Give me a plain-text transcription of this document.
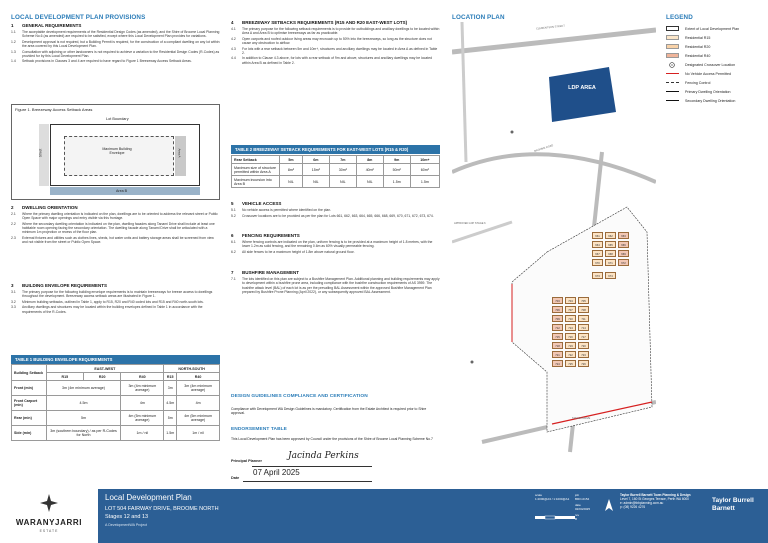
LOCAL DEVELOPMENT PLAN PROVISIONS
1	GENERAL REQUIREMENTS
1.1	The acceptable development requirements of the Residential Design Codes (as amended), and the Shire of Broome Local Planning Scheme No.6 (as amended) are required to be satisfied, except where this Local Development Plan provides for variations.
1.2	Development approval is not required, but a Building Permit is required, for the construction of a compliant dwelling on any lot within the area covered by this Local Development Plan.
1.3	Consultation with adjoining or other landowners is not required to achieve a variation to the Residential Design Codes (R-Codes) as provided for by this Local Development Plan.
1.4	Setback provisions in Clauses 3 and 4 are required to have regard to Figure 1 Breezeway Access Setback Areas.
Figure 1. Breezeway Access Setback Areas
Lot Boundary
Street	Maximum Building Envelope	Area A
Area B
2	DWELLING ORIENTATION
2.1	Where the primary dwelling orientation is indicated on the plan, dwellings are to be oriented to address the relevant street or Public Open Space with major openings and entry visible via this frontage.
2.2	Where the secondary dwelling orientation is indicated on the plan, dwelling facades along Tanami Drive shall include at least one habitable room opening facing the secondary orientation. The dwelling facade along Tanami Drive shall be articulated with a minimum 1m projection or recess of the floor plan.
2.3	External fixtures and utilities such as clothes lines, sheds, hot water units and battery storage areas shall be screened from view and not visible from the street or Public Open Space.
3	BUILDING ENVELOPE REQUIREMENTS
3.1	The primary purpose for the following building envelope requirements is to maintain breezeways for breeze access to dwellings throughout the development. Breezeway access setback areas are illustrated in Figure 1.
3.2	Minimum building setbacks, outlined in Table 1, apply to R15, R20 and R40 coded lots and R15 and R40 north-south lots.
3.3	Ancillary dwellings and structures may be located within the building envelopes defined in Table 1 in accordance with the requirements of the R-Codes.
TABLE 1 BUILDING ENVELOPE REQUIREMENTS
Building Setback	EAST-WEST			NORTH-SOUTH	
	R15	R20	R40	R15	R40
Front (min)	3m (4m minimum average)		3m (4m minimum average)	3m	3m (4m minimum average)
Front Carport (min)	4.5m		4m	4.5m	4m
Rear (min)	5m		4m (5m minimum average)	5m	4m (5m minimum average)
Side (min)	3m (southern boundary) / as per R-Codes for North		1m / nil	1.5m	1m / nil
4	BREEZEWAY SETBACKS REQUIREMENTS (R15 AND R20 EAST-WEST LOTS)
4.1	The primary purpose for the following setback requirements is to provide for outbuildings and ancillary dwellings to be located within Area A and Area B to optimise breezeways as far as practicable.
4.2	Open carports and roofed outdoor living areas may encroach up to 50% into the breezeways, so long as the structure does not cause any obstruction to airflow.
4.3	For lots with a rear setback between 5m and 10m+, structures and ancillary dwellings may be located in Area A as defined in Table 2.
4.4	In addition to Clause 4.3 above, for lots with a rear setback of 9m and above, structures and ancillary dwellings may be located within Area B as defined in Table 2.
TABLE 2 BREEZEWAY SETBACK REQUIREMENTS FOR EAST-WEST LOTS (R15 & R20)
Rear Setback	5m	6m	7m	8m	9m	10m+
Maximum size of structure permitted within Area A	8m²	15m²	30m²	40m²	50m²	60m²
Maximum incursion into Area B	NIL	NIL	NIL	NIL	1.5m	1.5m
5	VEHICLE ACCESS
5.1	No vehicle access is permitted where identified on the plan.
5.2	Crossover locations are to be provided as per the plan for Lots 661, 662, 663, 664, 665, 666, 668, 669, 670, 671, 672, 673, 674.
6	FENCING REQUIREMENTS
6.1	Where fencing controls are indicated on the plan, uniform fencing is to be provided at a maximum height of 1.8 metres, with the lower 1.2m as solid fencing, and the remaining 0.6m as 60% visually permeable fencing.
6.2	All side fences to be a maximum height of 1.8m above natural ground floor.
7	BUSHFIRE MANAGEMENT
7.1	The lots identified on this plan are subject to a Bushfire Management Plan. Additional planning and building requirements may apply to development within a bushfire prone area, including compliance with the bushfire construction requirements of AS 3959. The bushfire attack level (BAL) of each lot is as per the prevailing BAL Assessment within the approved Bushfire Management Plan prepared by Bushfire Prone Planning (April 2022), or any subsequently approved BAL Assessment.
DESIGN GUIDELINES COMPLIANCE AND CERTIFICATION
Compliance with Development WA Design Guidelines is mandatory. Certification from the Estate Architect is required prior to Shire approval.
ENDORSEMENT TABLE
This Local Development Plan has been approved by Council under the provisions of the Shire of Broome Local Planning Scheme No.7
Principal Planner	Jacinda Perkins
Date
07 April 2025
LOCATION PLAN
LDP AREA
CLEMENTSON STREET
BROOME ROAD
TANAMI DRIVE
APPROVED LDP STAGE 6
661	662	663
664	665	666
667	668	669
670	671	672
673	674
703	704	705
706	707	708
709	710	711
712	713	714
715	716	717
718	719	720
721	722	723
724	725	726
LEGEND
Extent of Local Development Plan
Residential R15
Residential R20
Residential R40
Designated Crossover Location
No Vehicle Access Permitted
Fencing Control
Primary Dwelling Orientation
Secondary Dwelling Orientation
WARANYJARRI
ESTATE
Local Development Plan
LOT 504 FAIRWAY DRIVE, BROOME NORTH
Stages 12 and 13
A DevelopmentWA Project
scale
1:2000@A3 / 1:1000@A1
job
BRO-0154
date
02/04/2025
rev
B
Taylor Burrell Barnett Town Planning & Design
Level 7, 160 St Georges Terrace, Perth WA 6000
e: admin@tbbplanning.com.au
p: (08) 9226 4276
Taylor Burrell Barnett
